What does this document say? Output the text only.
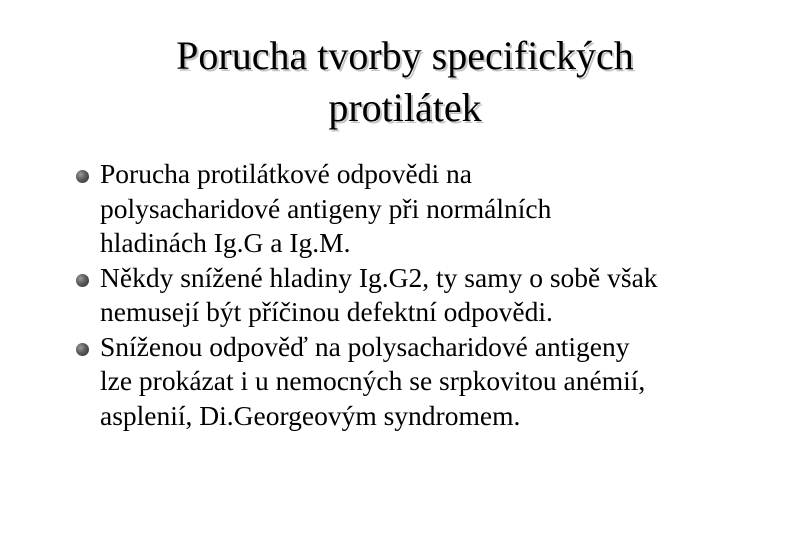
Porucha tvorby specifických
protilátek
Porucha protilátkové odpovědi na
polysacharidové antigeny při normálních
hladinách Ig.G a Ig.M.
Někdy snížené hladiny Ig.G2, ty samy o sobě však
nemusejí být příčinou defektní odpovědi.
Sníženou odpověď na polysacharidové antigeny
lze prokázat i u nemocných se srpkovitou anémií,
asplenií, Di.Georgeovým syndromem.
